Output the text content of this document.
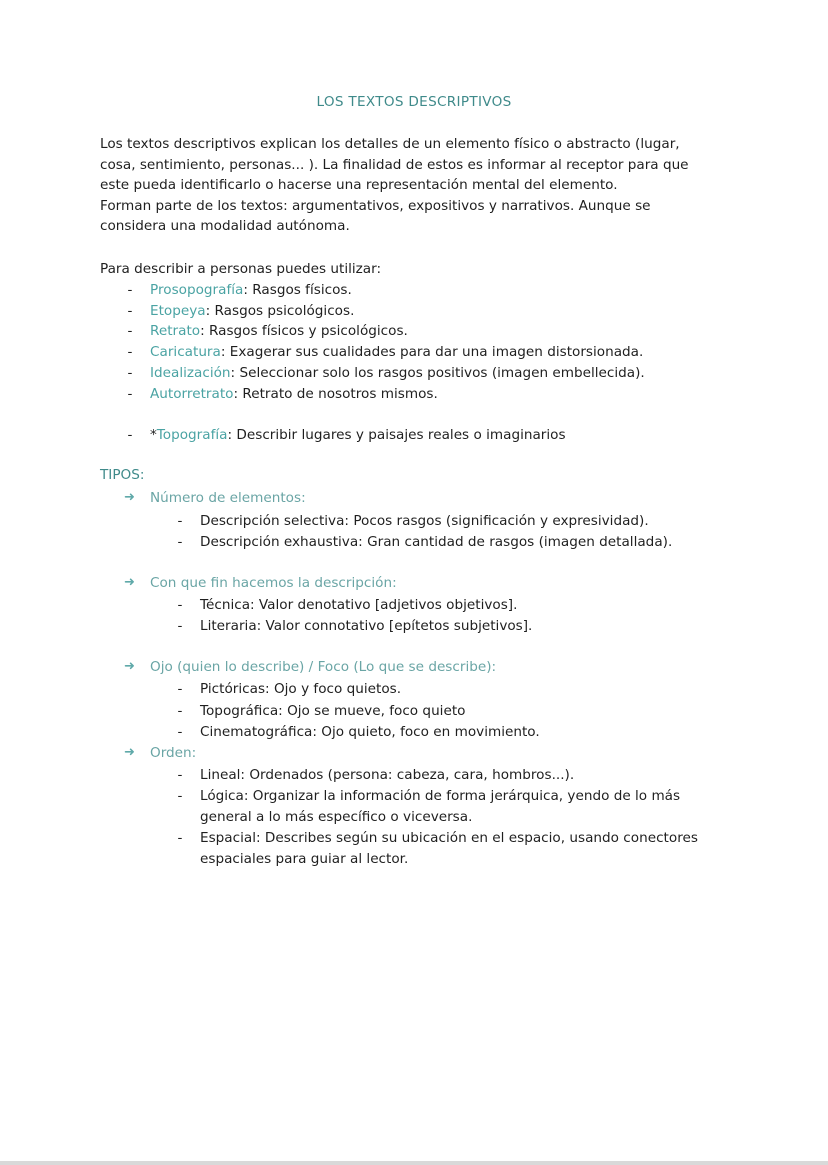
LOS TEXTOS DESCRIPTIVOS

Los textos descriptivos explican los detalles de un elemento físico o abstracto (lugar,

cosa, sentimiento, personas... ). La finalidad de estos es informar al receptor para que

este pueda identificarlo o hacerse una representación mental del elemento.

Forman parte de los textos: argumentativos, expositivos y narrativos. Aunque se

considera una modalidad autónoma.

Para describir a personas puedes utilizar:
- Prosopografía: Rasgos físicos.
- Etopeya: Rasgos psicológicos.
- Retrato: Rasgos físicos y psicológicos.
- Caricatura: Exagerar sus cualidades para dar una imagen distorsionada.
- Idealización: Seleccionar solo los rasgos positivos (imagen embellecida).
- Autorretrato: Retrato de nosotros mismos.
- *Topografía: Describir lugares y paisajes reales o imaginarios
TIPOS:
➜ Número de elementos:
- Descripción selectiva: Pocos rasgos (significación y expresividad).
- Descripción exhaustiva: Gran cantidad de rasgos (imagen detallada).
➜ Con que fin hacemos la descripción:
- Técnica: Valor denotativo [adjetivos objetivos].
- Literaria: Valor connotativo [epítetos subjetivos].
➜ Ojo (quien lo describe) / Foco (Lo que se describe):
- Pictóricas: Ojo y foco quietos.
- Topográfica: Ojo se mueve, foco quieto
- Cinematográfica: Ojo quieto, foco en movimiento.
➜ Orden:
- Lineal: Ordenados (persona: cabeza, cara, hombros...).
- Lógica: Organizar la información de forma jerárquica, yendo de lo más
general a lo más específico o viceversa.
- Espacial: Describes según su ubicación en el espacio, usando conectores
espaciales para guiar al lector.
